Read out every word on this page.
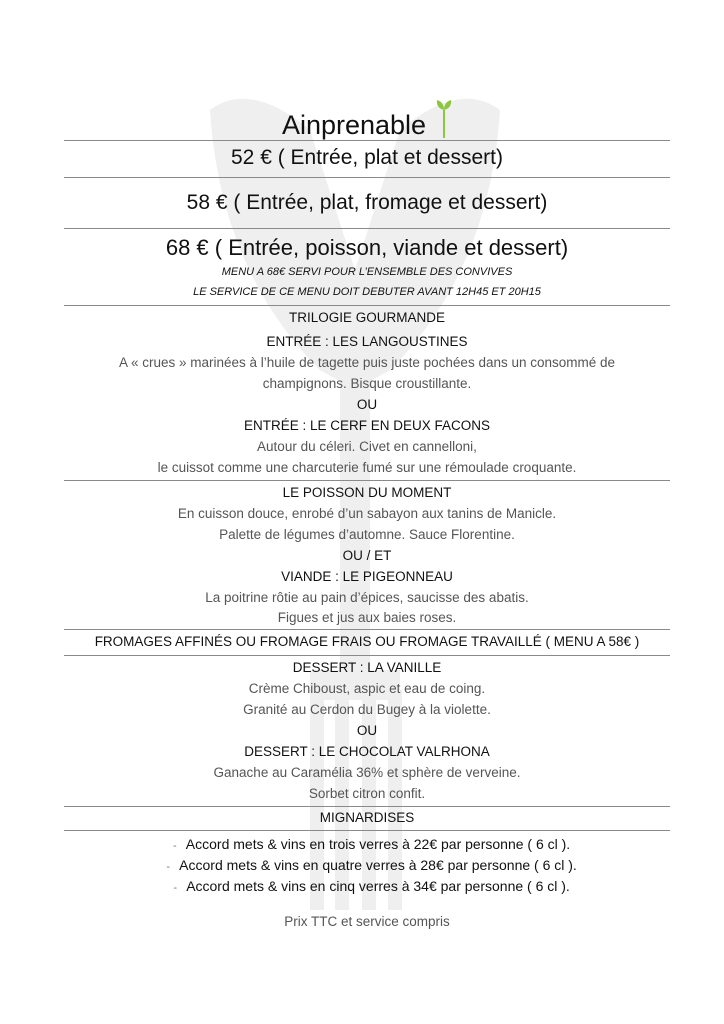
Ainprenable
52 € ( Entrée, plat et dessert)
58 € ( Entrée, plat, fromage et dessert)
68 € ( Entrée, poisson, viande et dessert)
MENU A 68€ SERVI POUR L’ENSEMBLE DES CONVIVES
LE SERVICE DE CE MENU DOIT DEBUTER AVANT 12H45 ET 20H15
TRILOGIE GOURMANDE
ENTRÉE : LES LANGOUSTINES
A « crues » marinées à l’huile de tagette puis juste pochées dans un consommé de
champignons. Bisque croustillante.
OU
ENTRÉE : LE CERF EN DEUX FACONS
Autour du céleri. Civet en cannelloni,
le cuissot comme une charcuterie fumé sur une rémoulade croquante.
LE POISSON DU MOMENT
En cuisson douce, enrobé d’un sabayon aux tanins de Manicle.
Palette de légumes d’automne. Sauce Florentine.
OU / ET
VIANDE : LE PIGEONNEAU
La poitrine rôtie au pain d’épices, saucisse des abatis.
Figues et jus aux baies roses.
FROMAGES AFFINÉS OU FROMAGE FRAIS OU FROMAGE TRAVAILLÉ ( MENU A 58€ )
DESSERT : LA VANILLE
Crème Chiboust, aspic et eau de coing.
Granité au Cerdon du Bugey à la violette.
OU
DESSERT : LE CHOCOLAT VALRHONA
Ganache au Caramélia 36% et sphère de verveine.
Sorbet citron confit.
MIGNARDISES
- Accord mets & vins en trois verres à 22€ par personne ( 6 cl ).
- Accord mets & vins en quatre verres à 28€ par personne ( 6 cl ).
- Accord mets & vins en cinq verres à 34€ par personne ( 6 cl ).
Prix TTC et service compris
